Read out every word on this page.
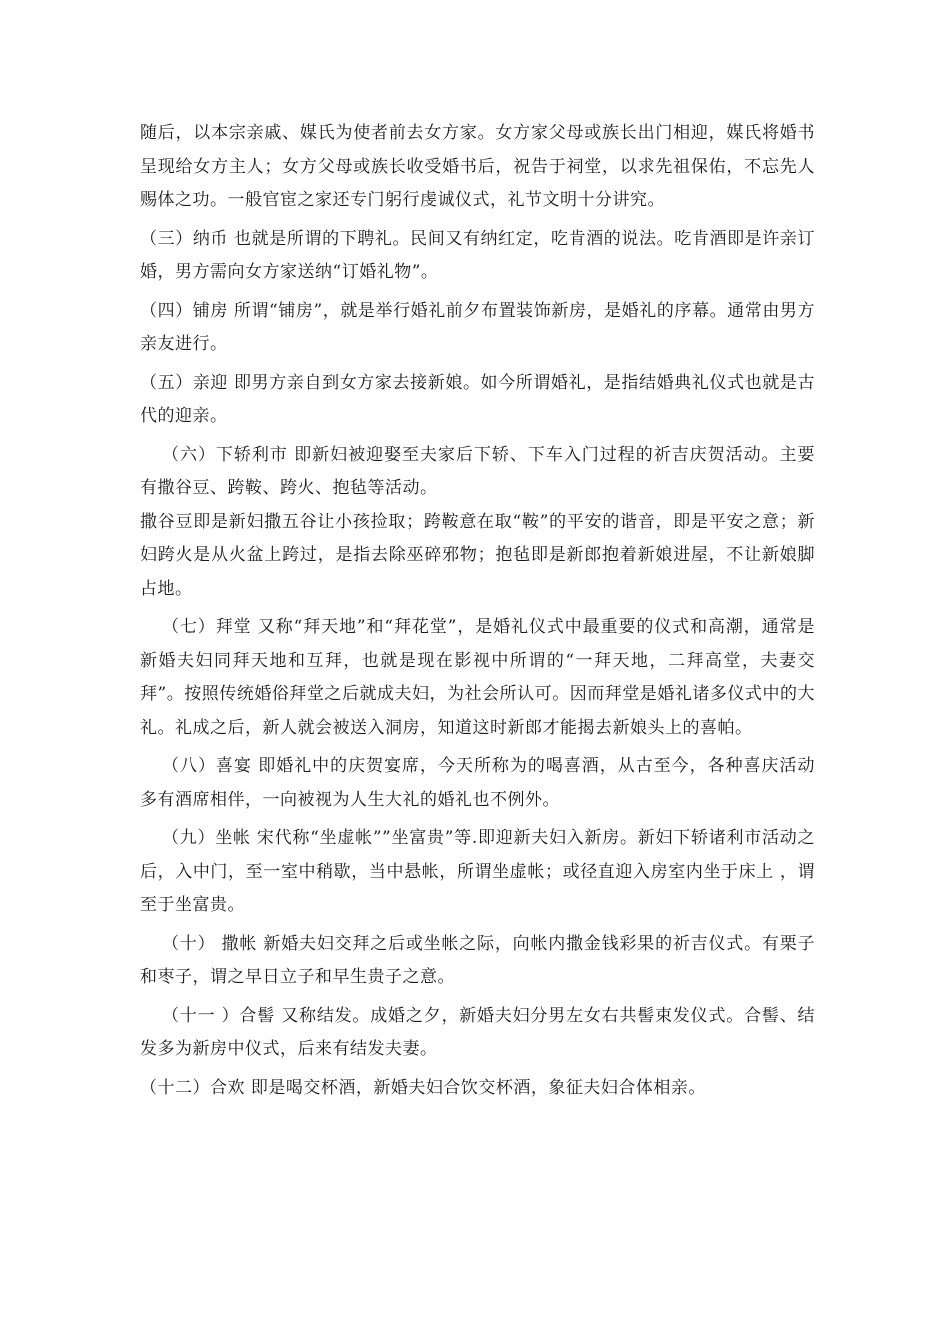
随后，以本宗亲戚、媒氏为使者前去女方家。女方家父母或族长出门相迎，媒氏将婚书呈现给女方主人；女方父母或族长收受婚书后，祝告于祠堂，以求先祖保佑，不忘先人赐体之功。一般官宦之家还专门躬行虔诚仪式，礼节文明十分讲究。

（三）纳币 也就是所谓的下聘礼。民间又有纳红定，吃肯酒的说法。吃肯酒即是许亲订婚，男方需向女方家送纳“订婚礼物”。

（四）铺房 所谓“铺房”，就是举行婚礼前夕布置装饰新房，是婚礼的序幕。通常由男方亲友进行。

（五）亲迎 即男方亲自到女方家去接新娘。如今所谓婚礼，是指结婚典礼仪式也就是古代的迎亲。

（六）下轿利市 即新妇被迎娶至夫家后下轿、下车入门过程的祈吉庆贺活动。主要有撒谷豆、跨鞍、跨火、抱毡等活动。

撒谷豆即是新妇撒五谷让小孩捡取；跨鞍意在取“鞍”的平安的谐音，即是平安之意；新妇跨火是从火盆上跨过，是指去除巫碎邪物；抱毡即是新郎抱着新娘进屋，不让新娘脚占地。

（七）拜堂 又称“拜天地”和“拜花堂”，是婚礼仪式中最重要的仪式和高潮，通常是新婚夫妇同拜天地和互拜，也就是现在影视中所谓的“一拜天地，二拜高堂，夫妻交拜”。按照传统婚俗拜堂之后就成夫妇，为社会所认可。因而拜堂是婚礼诸多仪式中的大礼。礼成之后，新人就会被送入洞房，知道这时新郎才能揭去新娘头上的喜帕。

（八）喜宴 即婚礼中的庆贺宴席，今天所称为的喝喜酒，从古至今，各种喜庆活动多有酒席相伴，一向被视为人生大礼的婚礼也不例外。

（九）坐帐 宋代称“坐虚帐””坐富贵”等.即迎新夫妇入新房。新妇下轿诸利市活动之后，入中门，至一室中稍歇，当中悬帐，所谓坐虚帐；或径直迎入房室内坐于床上 ，谓至于坐富贵。

（十） 撒帐 新婚夫妇交拜之后或坐帐之际，向帐内撒金钱彩果的祈吉仪式。有栗子和枣子，谓之早日立子和早生贵子之意。

（十一 ）合髻 又称结发。成婚之夕，新婚夫妇分男左女右共髻束发仪式。合髻、结发多为新房中仪式，后来有结发夫妻。

（十二）合欢 即是喝交杯酒，新婚夫妇合饮交杯酒，象征夫妇合体相亲。
